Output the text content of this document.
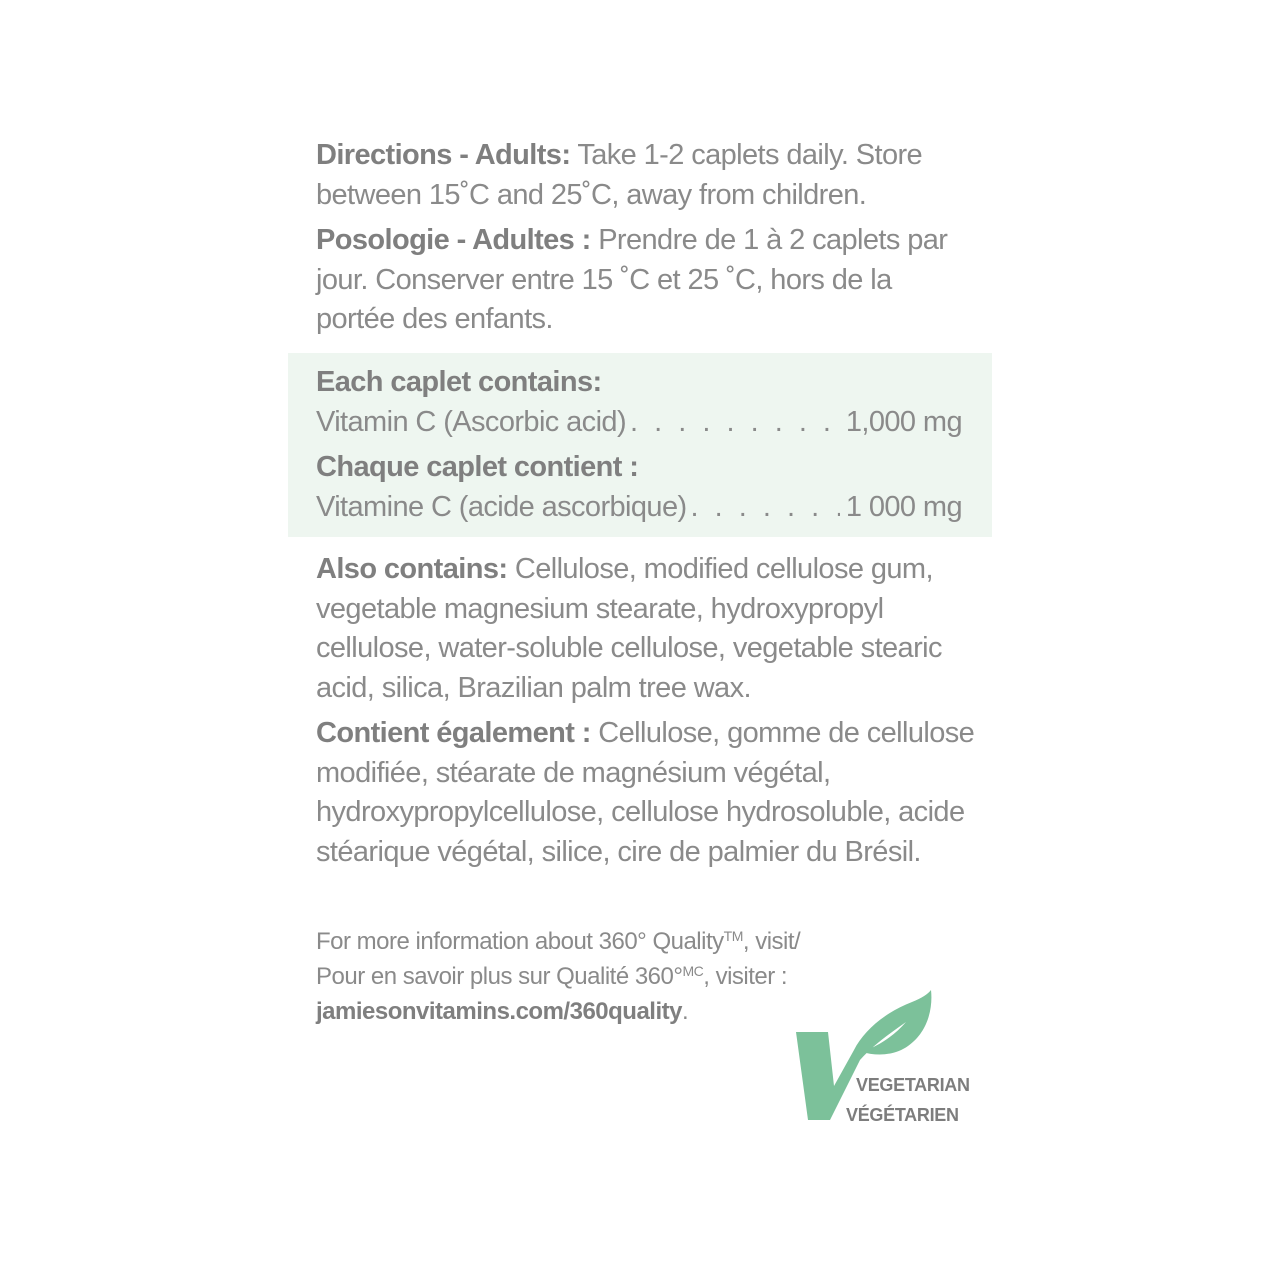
Directions - Adults: Take 1-2 caplets daily. Store between 15˚C and 25˚C, away from children.

Posologie - Adultes : Prendre de 1 à 2 caplets par jour. Conserver entre 15 ˚C et 25 ˚C, hors de la portée des enfants.

Each caplet contains:
Vitamin C (Ascorbic acid) . . .	1,000 mg
Chaque caplet contient :
Vitamine C (acide ascorbique) . . .	1 000 mg

Also contains: Cellulose, modified cellulose gum, vegetable magnesium stearate, hydroxypropyl cellulose, water-soluble cellulose, vegetable stearic acid, silica, Brazilian palm tree wax.

Contient également : Cellulose, gomme de cellulose modifiée, stéarate de magnésium végétal, hydroxypropylcellulose, cellulose hydrosoluble, acide stéarique végétal, silice, cire de palmier du Brésil.

For more information about 360° Quality™, visit/
Pour en savoir plus sur Qualité 360°$^{MC}$, visiter :
jamiesonvitamins.com/360quality.
VEGETARIAN
VÉGÉTARIEN
